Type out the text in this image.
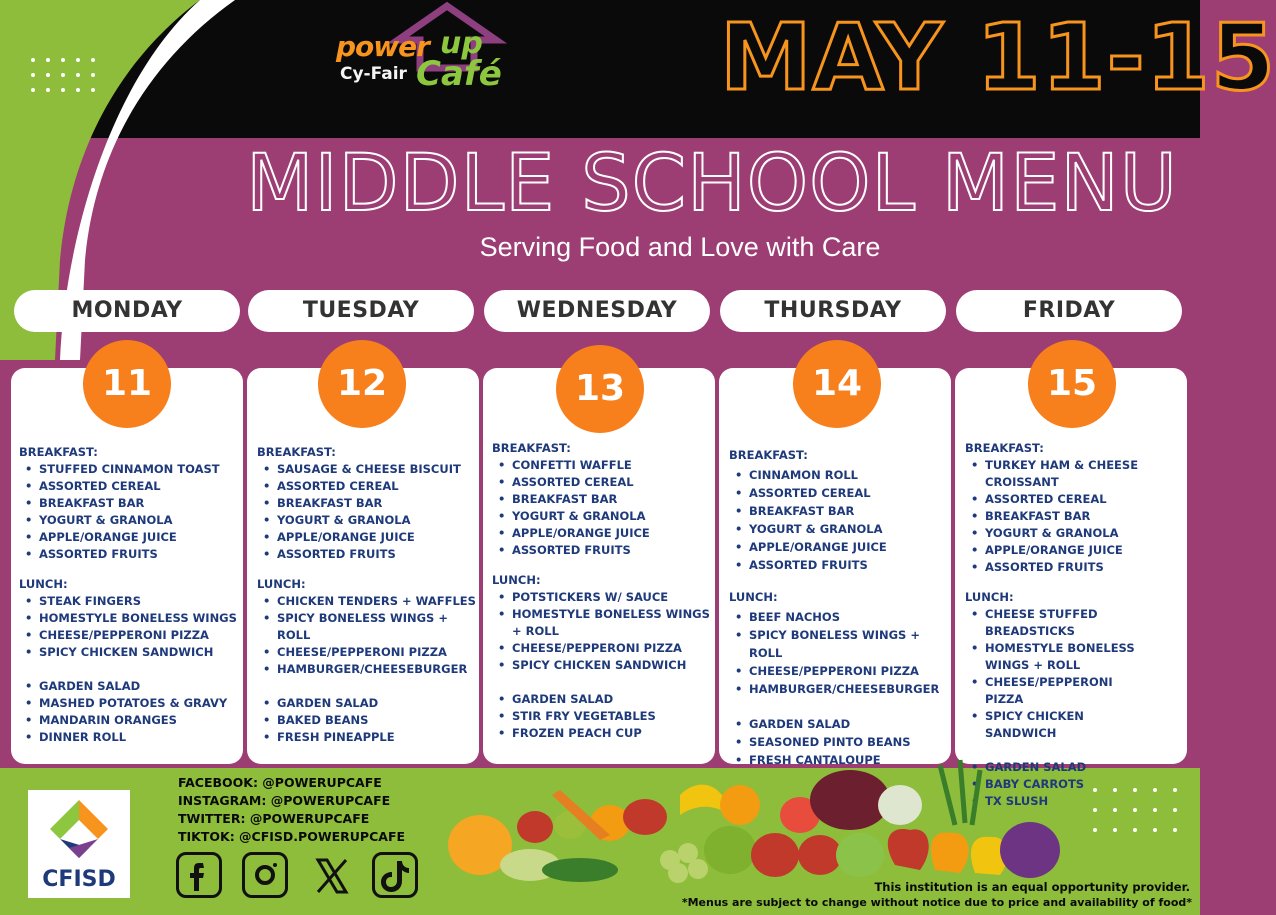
power up
Cy-Fair Café MAY 11-15
MIDDLE SCHOOL MENU
Serving Food and Love with Care
MONDAY	TUESDAY	WEDNESDAY	THURSDAY	FRIDAY
11	12	13	14	15
BREAKFAST:
• STUFFED CINNAMON TOAST
• ASSORTED CEREAL
• BREAKFAST BAR
• YOGURT & GRANOLA
• APPLE/ORANGE JUICE
• ASSORTED FRUITS
LUNCH:
• STEAK FINGERS
• HOMESTYLE BONELESS WINGS
• CHEESE/PEPPERONI PIZZA
• SPICY CHICKEN SANDWICH
• GARDEN SALAD
• MASHED POTATOES & GRAVY
• MANDARIN ORANGES
• DINNER ROLL
BREAKFAST:
• SAUSAGE & CHEESE BISCUIT
• ASSORTED CEREAL
• BREAKFAST BAR
• YOGURT & GRANOLA
• APPLE/ORANGE JUICE
• ASSORTED FRUITS
LUNCH:
• CHICKEN TENDERS + WAFFLES
• SPICY BONELESS WINGS + ROLL
• CHEESE/PEPPERONI PIZZA
• HAMBURGER/CHEESEBURGER
• GARDEN SALAD
• BAKED BEANS
• FRESH PINEAPPLE
BREAKFAST:
• CONFETTI WAFFLE
• ASSORTED CEREAL
• BREAKFAST BAR
• YOGURT & GRANOLA
• APPLE/ORANGE JUICE
• ASSORTED FRUITS
LUNCH:
• POTSTICKERS W/ SAUCE
• HOMESTYLE BONELESS WINGS + ROLL
• CHEESE/PEPPERONI PIZZA
• SPICY CHICKEN SANDWICH
• GARDEN SALAD
• STIR FRY VEGETABLES
• FROZEN PEACH CUP
BREAKFAST:
• CINNAMON ROLL
• ASSORTED CEREAL
• BREAKFAST BAR
• YOGURT & GRANOLA
• APPLE/ORANGE JUICE
• ASSORTED FRUITS
LUNCH:
• BEEF NACHOS
• SPICY BONELESS WINGS + ROLL
• CHEESE/PEPPERONI PIZZA
• HAMBURGER/CHEESEBURGER
• GARDEN SALAD
• SEASONED PINTO BEANS
• FRESH CANTALOUPE
BREAKFAST:
• TURKEY HAM & CHEESE CROISSANT
• ASSORTED CEREAL
• BREAKFAST BAR
• YOGURT & GRANOLA
• APPLE/ORANGE JUICE
• ASSORTED FRUITS
LUNCH:
• CHEESE STUFFED BREADSTICKS
• HOMESTYLE BONELESS WINGS + ROLL
• CHEESE/PEPPERONI PIZZA
• SPICY CHICKEN SANDWICH
• GARDEN SALAD
• BABY CARROTS
• TX SLUSH
CFISD
FACEBOOK: @POWERUPCAFE
INSTAGRAM: @POWERUPCAFE
TWITTER: @POWERUPCAFE
TIKTOK: @CFISD.POWERUPCAFE
This institution is an equal opportunity provider.
*Menus are subject to change without notice due to price and availability of food*
